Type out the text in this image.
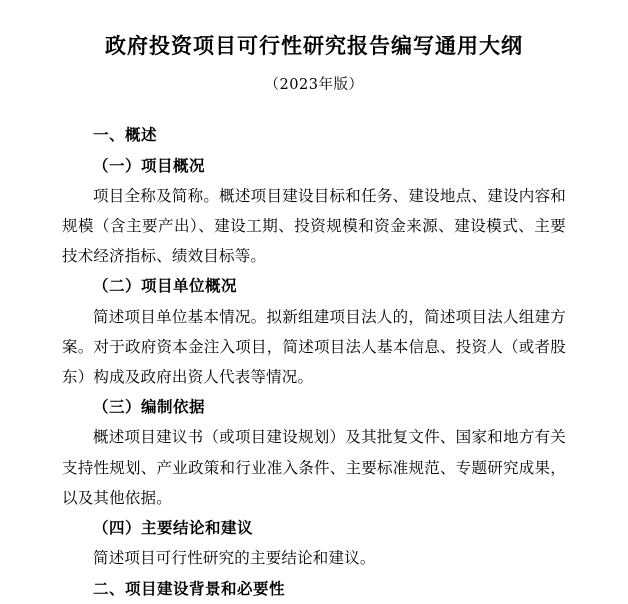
政府投资项目可行性研究报告编写通用大纲
（2023年版）
一、概述
（一）项目概况

项目全称及简称。概述项目建设目标和任务、建设地点、建设内容和规模（含主要产出）、建设工期、投资规模和资金来源、建设模式、主要技术经济指标、绩效目标等。

（二）项目单位概况

简述项目单位基本情况。拟新组建项目法人的，简述项目法人组建方案。对于政府资本金注入项目，简述项目法人基本信息、投资人（或者股东）构成及政府出资人代表等情况。

（三）编制依据

概述项目建议书（或项目建设规划）及其批复文件、国家和地方有关支持性规划、产业政策和行业准入条件、主要标准规范、专题研究成果，以及其他依据。

（四）主要结论和建议

简述项目可行性研究的主要结论和建议。

二、项目建设背景和必要性
